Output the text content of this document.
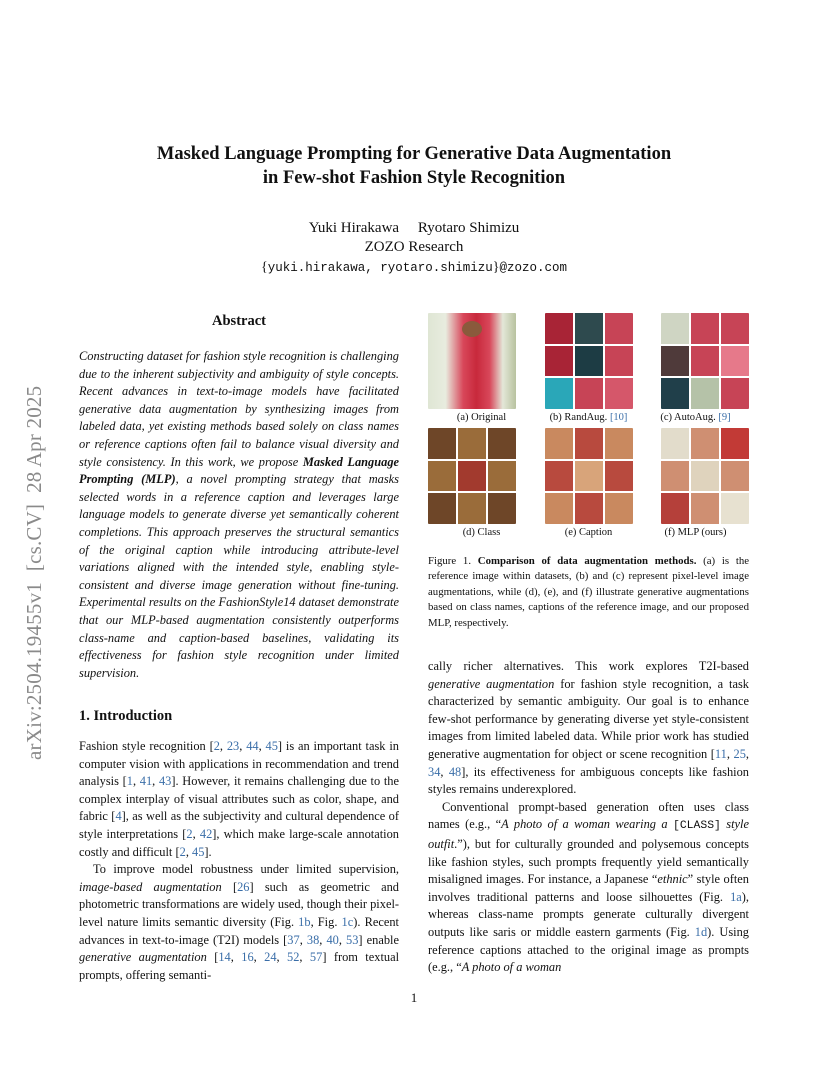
Masked Language Prompting for Generative Data Augmentation
in Few-shot Fashion Style Recognition
Yuki Hirakawa     Ryotaro Shimizu
ZOZO Research
{yuki.hirakawa, ryotaro.shimizu}@zozo.com
arXiv:2504.19455v1  [cs.CV]  28 Apr 2025
Abstract

Constructing dataset for fashion style recognition is challenging due to the inherent subjectivity and ambiguity of style concepts. Recent advances in text-to-image models have facilitated generative data augmentation by synthesizing images from labeled data, yet existing methods based solely on class names or reference captions often fail to balance visual diversity and style consistency. In this work, we propose Masked Language Prompting (MLP), a novel prompting strategy that masks selected words in a reference caption and leverages large language models to generate diverse yet semantically coherent completions. This approach preserves the structural semantics of the original caption while introducing attribute-level variations aligned with the intended style, enabling style-consistent and diverse image generation without fine-tuning. Experimental results on the FashionStyle14 dataset demonstrate that our MLP-based augmentation consistently outperforms class-name and caption-based baselines, validating its effectiveness for fashion style recognition under limited supervision.

1. Introduction

Fashion style recognition [2, 23, 44, 45] is an important task in computer vision with applications in recommendation and trend analysis [1, 41, 43]. However, it remains challenging due to the complex interplay of visual attributes such as color, shape, and fabric [4], as well as the subjectivity and cultural dependence of style interpretations [2, 42], which make large-scale annotation costly and difficult [2, 45].

To improve model robustness under limited supervision, image-based augmentation [26] such as geometric and photometric transformations are widely used, though their pixel-level nature limits semantic diversity (Fig. 1b, Fig. 1c). Recent advances in text-to-image (T2I) models [37, 38, 40, 53] enable generative augmentation [14, 16, 24, 52, 57] from textual prompts, offering semanti-

(a) Original	(b) RandAug. [10]	(c) AutoAug. [9]
(d) Class	(e) Caption	(f) MLP (ours)
Figure 1. Comparison of data augmentation methods. (a) is the reference image within datasets, (b) and (c) represent pixel-level image augmentations, while (d), (e), and (f) illustrate generative augmentations based on class names, captions of the reference image, and our proposed MLP, respectively.

cally richer alternatives. This work explores T2I-based generative augmentation for fashion style recognition, a task characterized by semantic ambiguity. Our goal is to enhance few-shot performance by generating diverse yet style-consistent images from limited labeled data. While prior work has studied generative augmentation for object or scene recognition [11, 25, 34, 48], its effectiveness for ambiguous concepts like fashion styles remains underexplored.

Conventional prompt-based generation often uses class names (e.g., “A photo of a woman wearing a [CLASS] style outfit.”), but for culturally grounded and polysemous concepts like fashion styles, such prompts frequently yield semantically misaligned images. For instance, a Japanese “ethnic” style often involves traditional patterns and loose silhouettes (Fig. 1a), whereas class-name prompts generate culturally divergent outputs like saris or middle eastern garments (Fig. 1d). Using reference captions attached to the original image as prompts (e.g., “A photo of a woman

1
